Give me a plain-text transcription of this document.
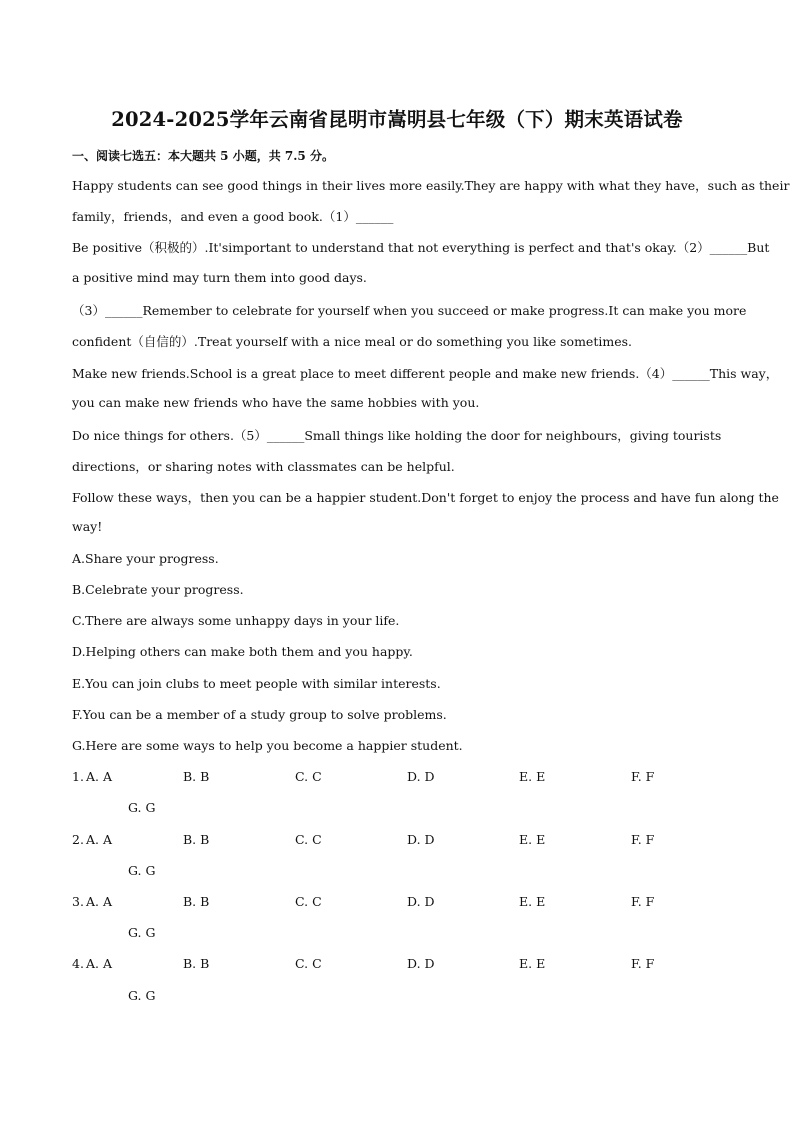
2024-2025学年云南省昆明市嵩明县七年级（下）期末英语试卷
一、阅读七选五：本大题共 5 小题，共 7.5 分。
Happy students can see good things in their lives more easily.They are happy with what they have，such as their
family，friends，and even a good book.（1）______
Be positive（积极的）.It'simportant to understand that not everything is perfect and that's okay.（2）______But
a positive mind may turn them into good days.
（3）______Remember to celebrate for yourself when you succeed or make progress.It can make you more
confident（自信的）.Treat yourself with a nice meal or do something you like sometimes.
Make new friends.School is a great place to meet different people and make new friends.（4）______This way，
you can make new friends who have the same hobbies with you.
Do nice things for others.（5）______Small things like holding the door for neighbours，giving tourists
directions，or sharing notes with classmates can be helpful.
Follow these ways，then you can be a happier student.Don't forget to enjoy the process and have fun along the
way!
A.Share your progress.
B.Celebrate your progress.
C.There are always some unhappy days in your life.
D.Helping others can make both them and you happy.
E.You can join clubs to meet people with similar interests.
F.You can be a member of a study group to solve problems.
G.Here are some ways to help you become a happier student.
1. A. A	B. B	C. C	D. D	E. E	F. F
G. G
2. A. A	B. B	C. C	D. D	E. E	F. F
G. G
3. A. A	B. B	C. C	D. D	E. E	F. F
G. G
4. A. A	B. B	C. C	D. D	E. E	F. F
G. G
